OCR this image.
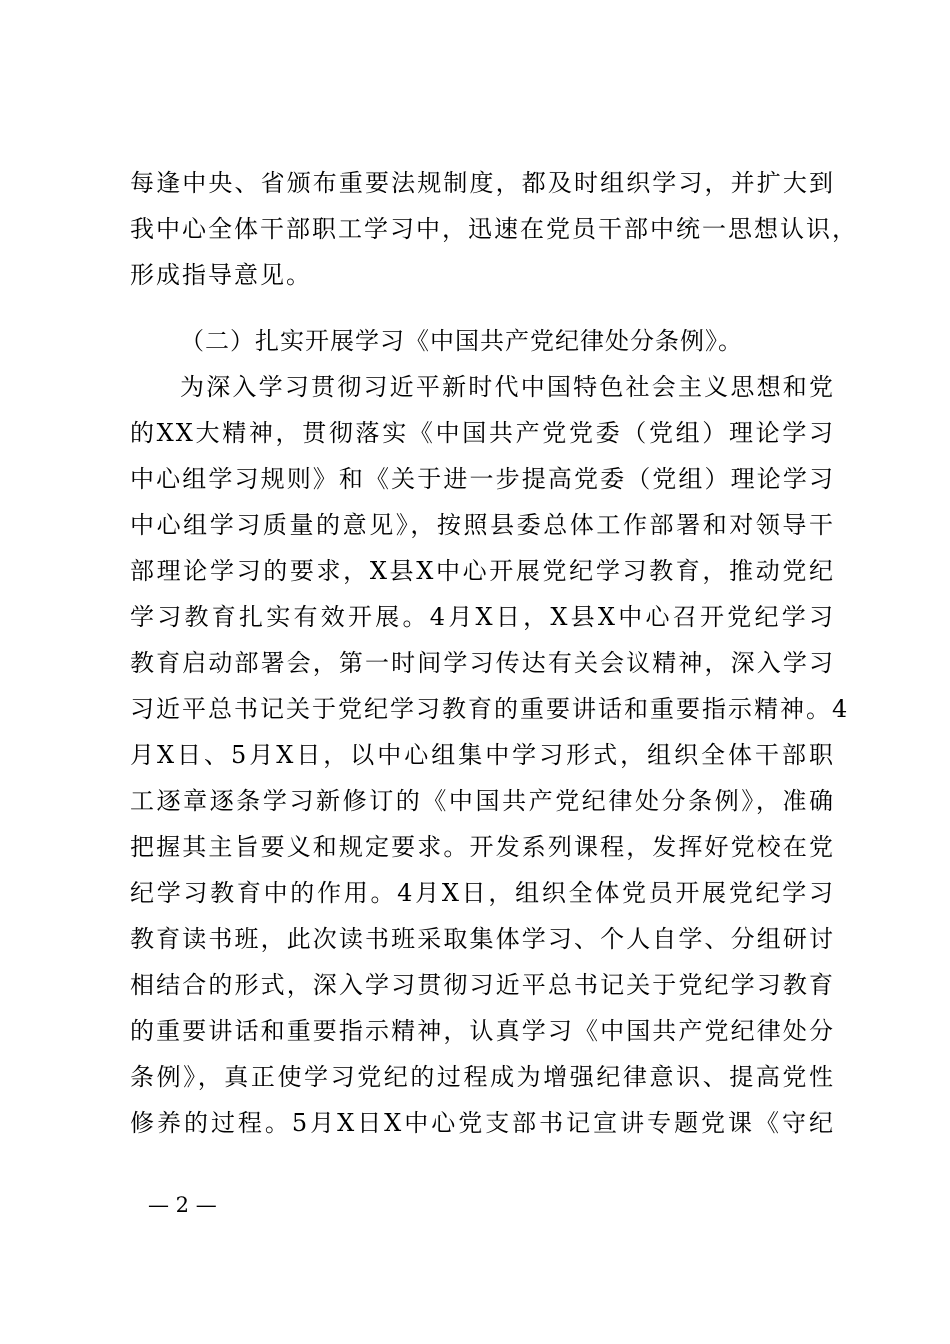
每逢中央、省颁布重要法规制度，都及时组织学习，并扩大到
我中心全体干部职工学习中，迅速在党员干部中统一思想认识，
形成指导意见。
（二）扎实开展学习《中国共产党纪律处分条例》。
为深入学习贯彻习近平新时代中国特色社会主义思想和党
的XX大精神，贯彻落实《中国共产党党委（党组）理论学习
中心组学习规则》和《关于进一步提高党委（党组）理论学习
中心组学习质量的意见》，按照县委总体工作部署和对领导干
部理论学习的要求，X县X中心开展党纪学习教育，推动党纪
学习教育扎实有效开展。4月X日，X县X中心召开党纪学习
教育启动部署会，第一时间学习传达有关会议精神，深入学习
习近平总书记关于党纪学习教育的重要讲话和重要指示精神。4
月X日、5月X日，以中心组集中学习形式，组织全体干部职
工逐章逐条学习新修订的《中国共产党纪律处分条例》，准确
把握其主旨要义和规定要求。开发系列课程，发挥好党校在党
纪学习教育中的作用。4月X日，组织全体党员开展党纪学习
教育读书班，此次读书班采取集体学习、个人自学、分组研讨
相结合的形式，深入学习贯彻习近平总书记关于党纪学习教育
的重要讲话和重要指示精神，认真学习《中国共产党纪律处分
条例》，真正使学习党纪的过程成为增强纪律意识、提高党性
修养的过程。5月X日X中心党支部书记宣讲专题党课《守纪
— 2 —
